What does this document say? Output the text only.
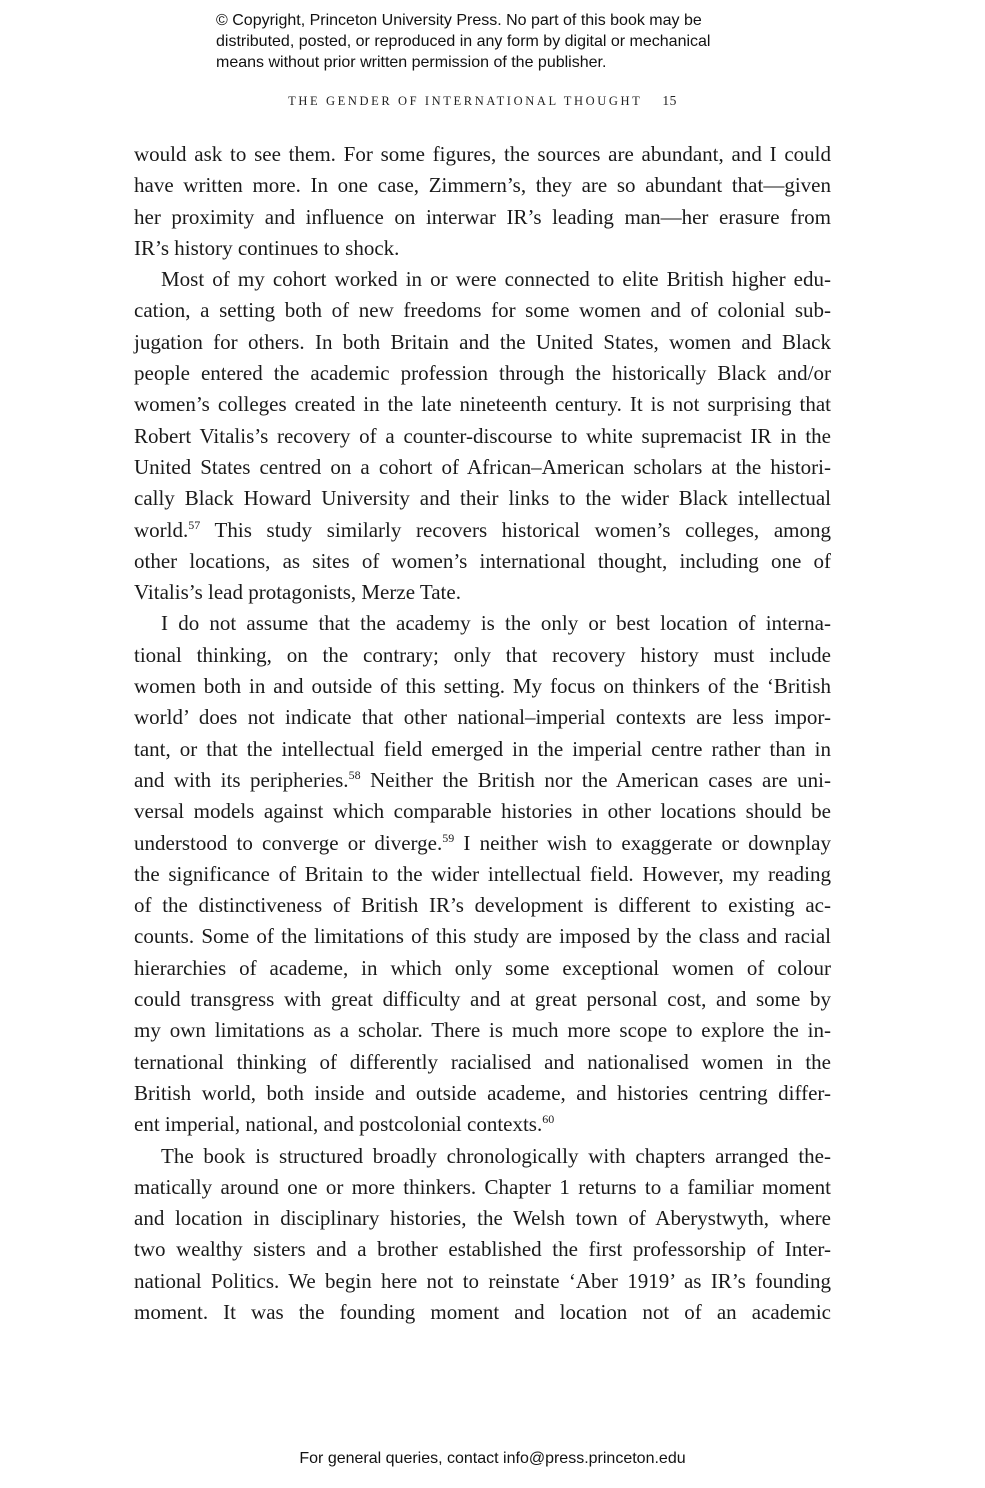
© Copyright, Princeton University Press. No part of this book may be
distributed, posted, or reproduced in any form by digital or mechanical
means without prior written permission of the publisher.
THE GENDER OF INTERNATIONAL THOUGHT 15
would ask to see them. For some figures, the sources are abundant, and I could
have written more. In one case, Zimmern’s, they are so abundant that—given
her proximity and influence on interwar IR’s leading man—her erasure from
IR’s history continues to shock.
Most of my cohort worked in or were connected to elite British higher edu-
cation, a setting both of new freedoms for some women and of colonial sub-
jugation for others. In both Britain and the United States, women and Black
people entered the academic profession through the historically Black and/or
women’s colleges created in the late nineteenth century. It is not surprising that
Robert Vitalis’s recovery of a counter-discourse to white supremacist IR in the
United States centred on a cohort of African–American scholars at the histori-
cally Black Howard University and their links to the wider Black intellectual
world.$^{57}$ This study similarly recovers historical women’s colleges, among
other locations, as sites of women’s international thought, including one of
Vitalis’s lead protagonists, Merze Tate.
I do not assume that the academy is the only or best location of interna-
tional thinking, on the contrary; only that recovery history must include
women both in and outside of this setting. My focus on thinkers of the ‘British
world’ does not indicate that other national–imperial contexts are less impor-
tant, or that the intellectual field emerged in the imperial centre rather than in
and with its peripheries.$^{58}$ Neither the British nor the American cases are uni-
versal models against which comparable histories in other locations should be
understood to converge or diverge.$^{59}$ I neither wish to exaggerate or downplay
the significance of Britain to the wider intellectual field. However, my reading
of the distinctiveness of British IR’s development is different to existing ac-
counts. Some of the limitations of this study are imposed by the class and racial
hierarchies of academe, in which only some exceptional women of colour
could transgress with great difficulty and at great personal cost, and some by
my own limitations as a scholar. There is much more scope to explore the in-
ternational thinking of differently racialised and nationalised women in the
British world, both inside and outside academe, and histories centring differ-
ent imperial, national, and postcolonial contexts.$^{60}$
The book is structured broadly chronologically with chapters arranged the-
matically around one or more thinkers. Chapter 1 returns to a familiar moment
and location in disciplinary histories, the Welsh town of Aberystwyth, where
two wealthy sisters and a brother established the first professorship of Inter-
national Politics. We begin here not to reinstate ‘Aber 1919’ as IR’s founding
moment. It was the founding moment and location not of an academic
For general queries, contact info@press.princeton.edu
